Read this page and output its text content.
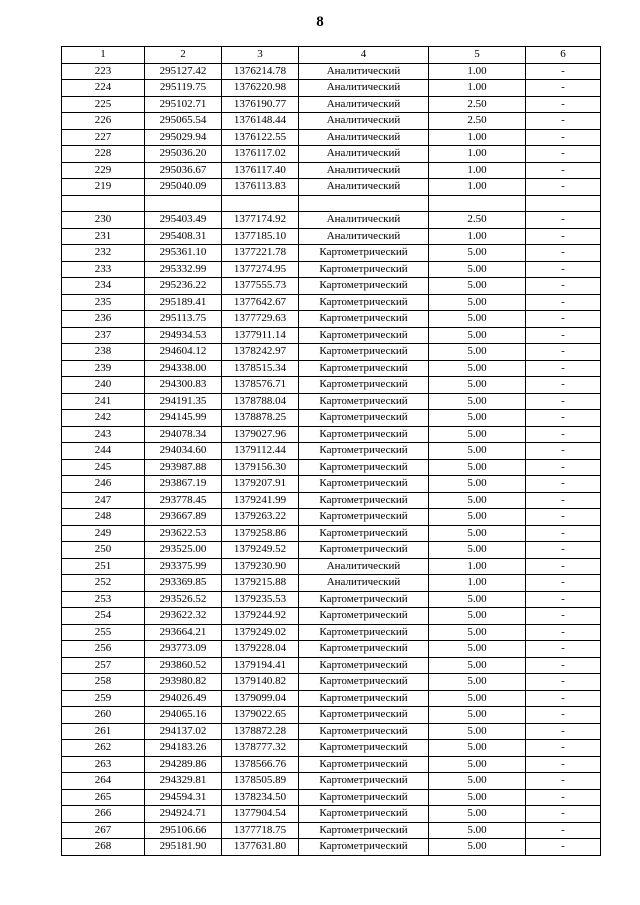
8
1	2	3	4	5	6
223	295127.42	1376214.78	Аналитический	1.00	-
224	295119.75	1376220.98	Аналитический	1.00	-
225	295102.71	1376190.77	Аналитический	2.50	-
226	295065.54	1376148.44	Аналитический	2.50	-
227	295029.94	1376122.55	Аналитический	1.00	-
228	295036.20	1376117.02	Аналитический	1.00	-
229	295036.67	1376117.40	Аналитический	1.00	-
219	295040.09	1376113.83	Аналитический	1.00	-

230	295403.49	1377174.92	Аналитический	2.50	-
231	295408.31	1377185.10	Аналитический	1.00	-
232	295361.10	1377221.78	Картометрический	5.00	-
233	295332.99	1377274.95	Картометрический	5.00	-
234	295236.22	1377555.73	Картометрический	5.00	-
235	295189.41	1377642.67	Картометрический	5.00	-
236	295113.75	1377729.63	Картометрический	5.00	-
237	294934.53	1377911.14	Картометрический	5.00	-
238	294604.12	1378242.97	Картометрический	5.00	-
239	294338.00	1378515.34	Картометрический	5.00	-
240	294300.83	1378576.71	Картометрический	5.00	-
241	294191.35	1378788.04	Картометрический	5.00	-
242	294145.99	1378878.25	Картометрический	5.00	-
243	294078.34	1379027.96	Картометрический	5.00	-
244	294034.60	1379112.44	Картометрический	5.00	-
245	293987.88	1379156.30	Картометрический	5.00	-
246	293867.19	1379207.91	Картометрический	5.00	-
247	293778.45	1379241.99	Картометрический	5.00	-
248	293667.89	1379263.22	Картометрический	5.00	-
249	293622.53	1379258.86	Картометрический	5.00	-
250	293525.00	1379249.52	Картометрический	5.00	-
251	293375.99	1379230.90	Аналитический	1.00	-
252	293369.85	1379215.88	Аналитический	1.00	-
253	293526.52	1379235.53	Картометрический	5.00	-
254	293622.32	1379244.92	Картометрический	5.00	-
255	293664.21	1379249.02	Картометрический	5.00	-
256	293773.09	1379228.04	Картометрический	5.00	-
257	293860.52	1379194.41	Картометрический	5.00	-
258	293980.82	1379140.82	Картометрический	5.00	-
259	294026.49	1379099.04	Картометрический	5.00	-
260	294065.16	1379022.65	Картометрический	5.00	-
261	294137.02	1378872.28	Картометрический	5.00	-
262	294183.26	1378777.32	Картометрический	5.00	-
263	294289.86	1378566.76	Картометрический	5.00	-
264	294329.81	1378505.89	Картометрический	5.00	-
265	294594.31	1378234.50	Картометрический	5.00	-
266	294924.71	1377904.54	Картометрический	5.00	-
267	295106.66	1377718.75	Картометрический	5.00	-
268	295181.90	1377631.80	Картометрический	5.00	-
